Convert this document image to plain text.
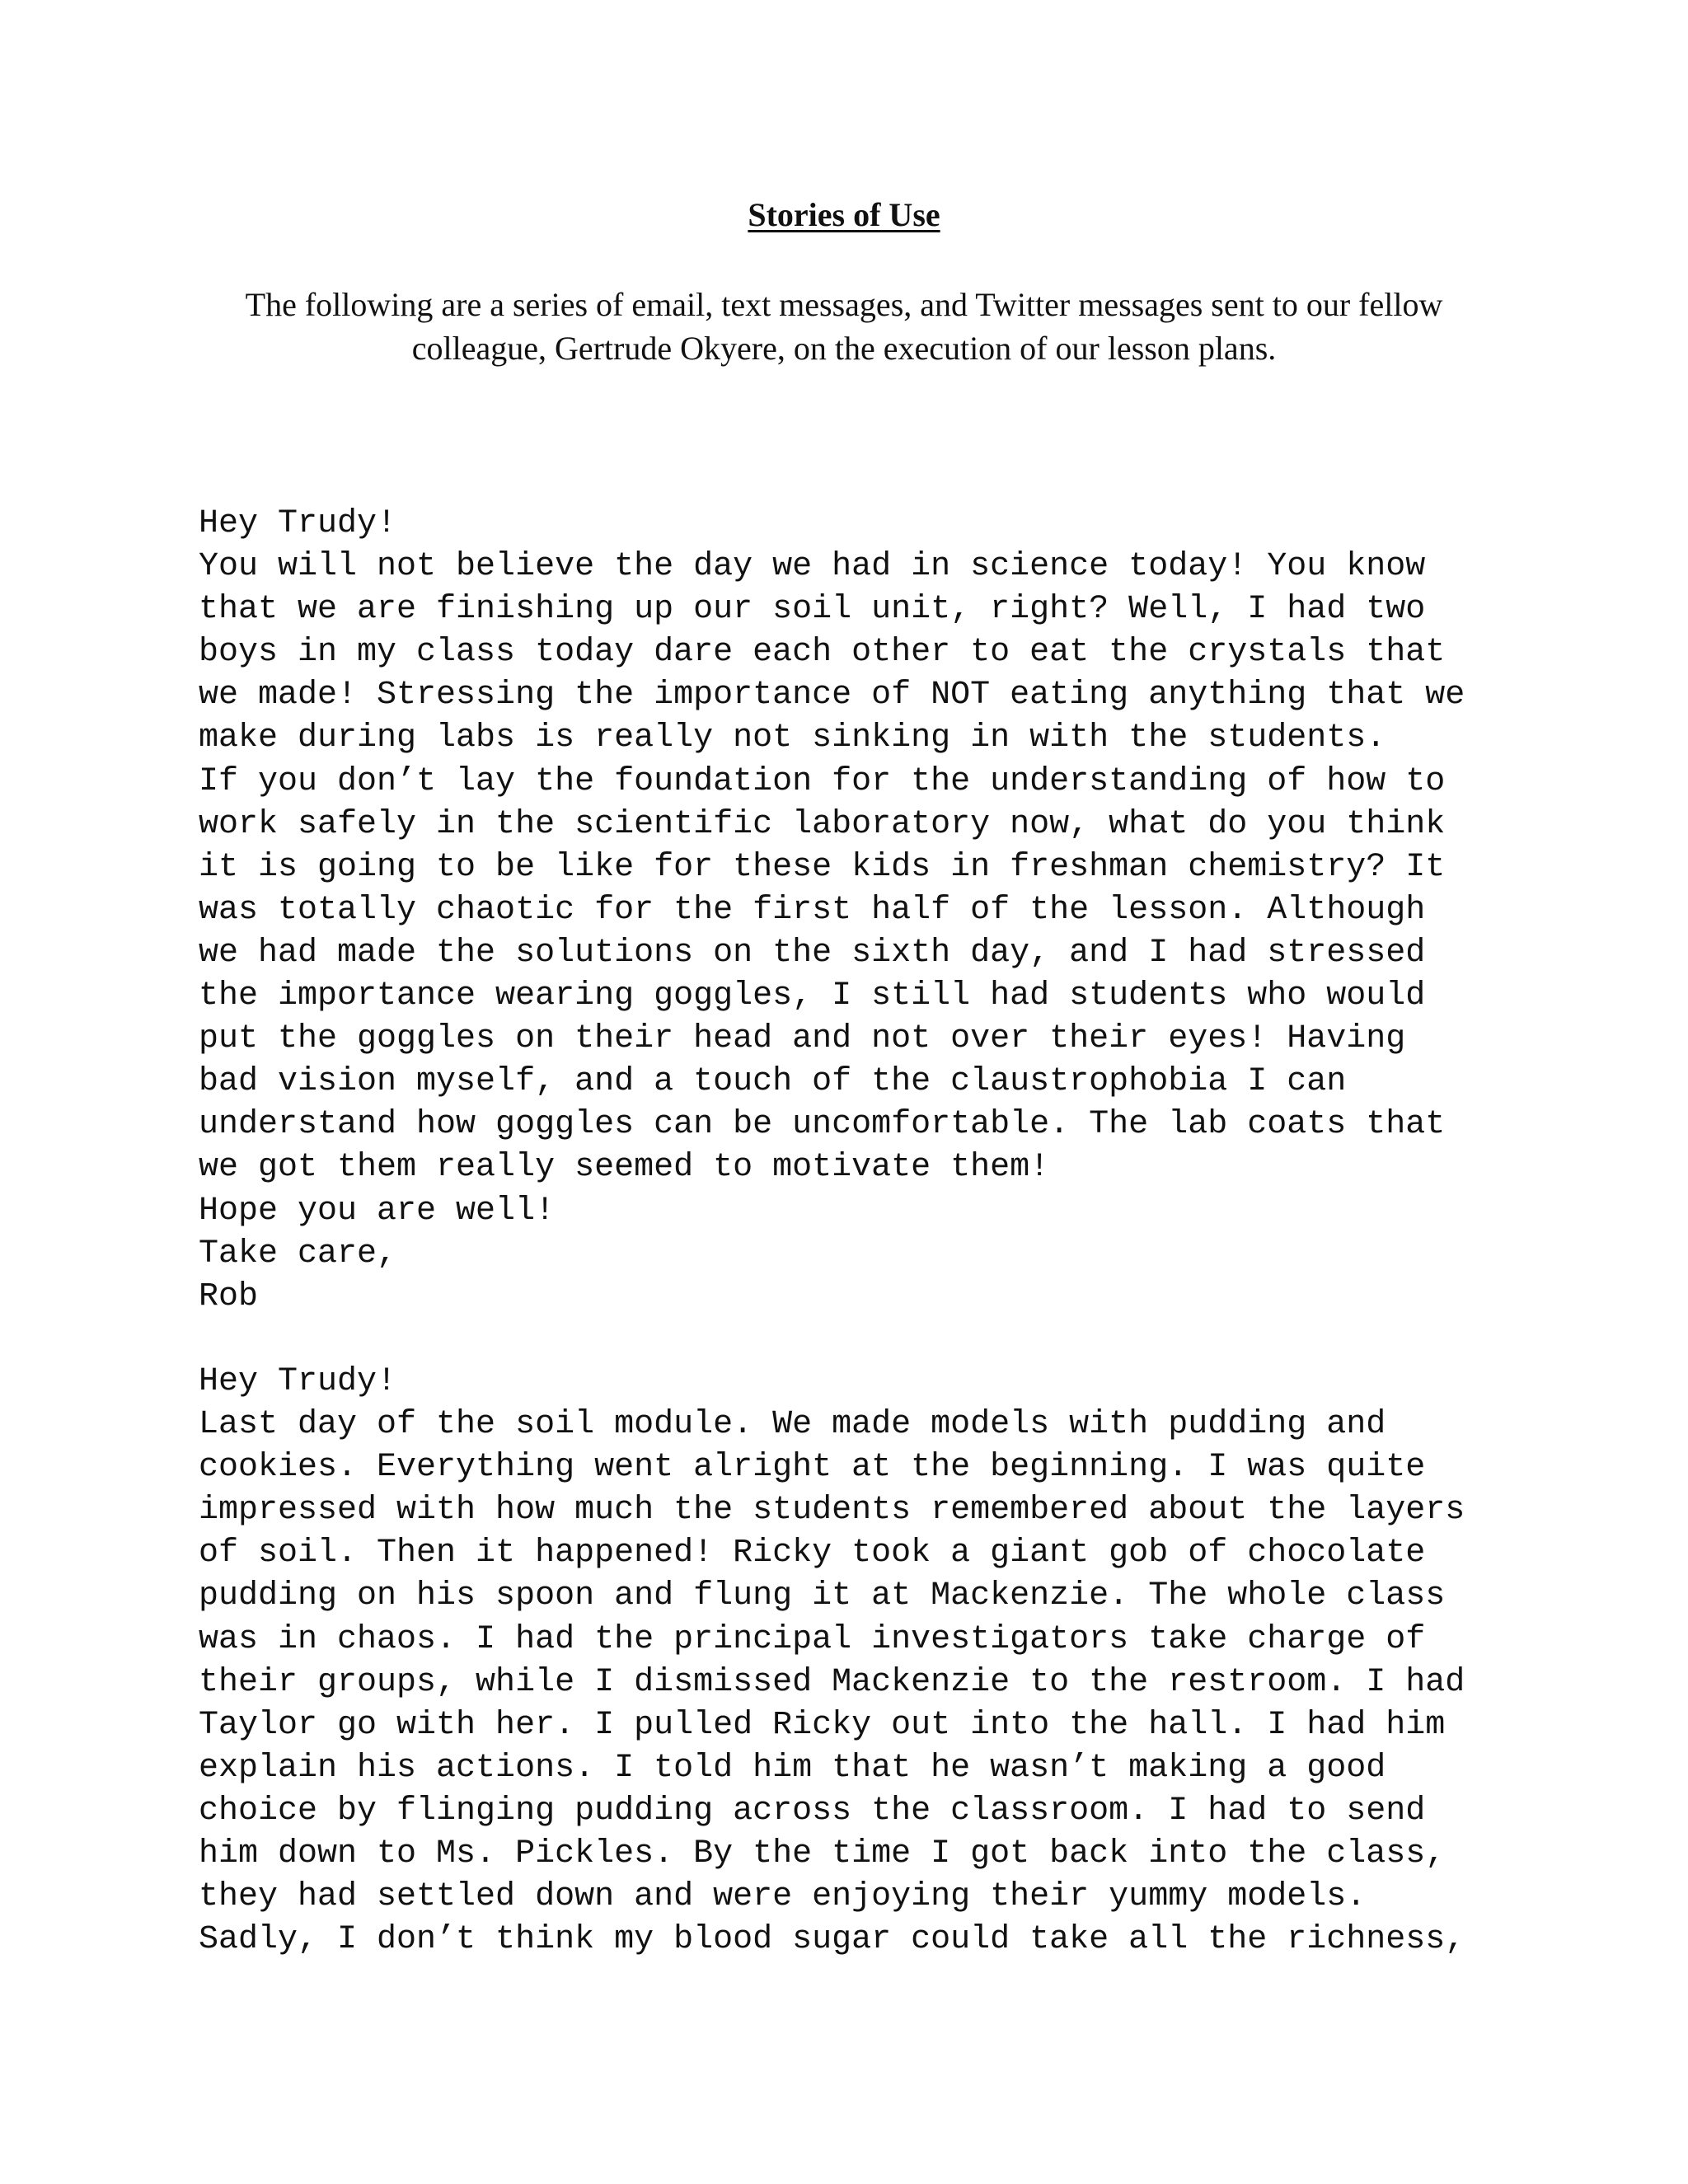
Stories of Use

The following are a series of email, text messages, and Twitter messages sent to our fellow
colleague, Gertrude Okyere, on the execution of our lesson plans.

Hey Trudy!
You will not believe the day we had in science today! You know
that we are finishing up our soil unit, right? Well, I had two
boys in my class today dare each other to eat the crystals that
we made! Stressing the importance of NOT eating anything that we
make during labs is really not sinking in with the students.
If you don’t lay the foundation for the understanding of how to
work safely in the scientific laboratory now, what do you think
it is going to be like for these kids in freshman chemistry? It
was totally chaotic for the first half of the lesson. Although
we had made the solutions on the sixth day, and I had stressed
the importance wearing goggles, I still had students who would
put the goggles on their head and not over their eyes! Having
bad vision myself, and a touch of the claustrophobia I can
understand how goggles can be uncomfortable. The lab coats that
we got them really seemed to motivate them!
Hope you are well!
Take care,
Rob
Hey Trudy!
Last day of the soil module. We made models with pudding and
cookies. Everything went alright at the beginning. I was quite
impressed with how much the students remembered about the layers
of soil. Then it happened! Ricky took a giant gob of chocolate
pudding on his spoon and flung it at Mackenzie. The whole class
was in chaos. I had the principal investigators take charge of
their groups, while I dismissed Mackenzie to the restroom. I had
Taylor go with her. I pulled Ricky out into the hall. I had him
explain his actions. I told him that he wasn’t making a good
choice by flinging pudding across the classroom. I had to send
him down to Ms. Pickles. By the time I got back into the class,
they had settled down and were enjoying their yummy models.
Sadly, I don’t think my blood sugar could take all the richness,
